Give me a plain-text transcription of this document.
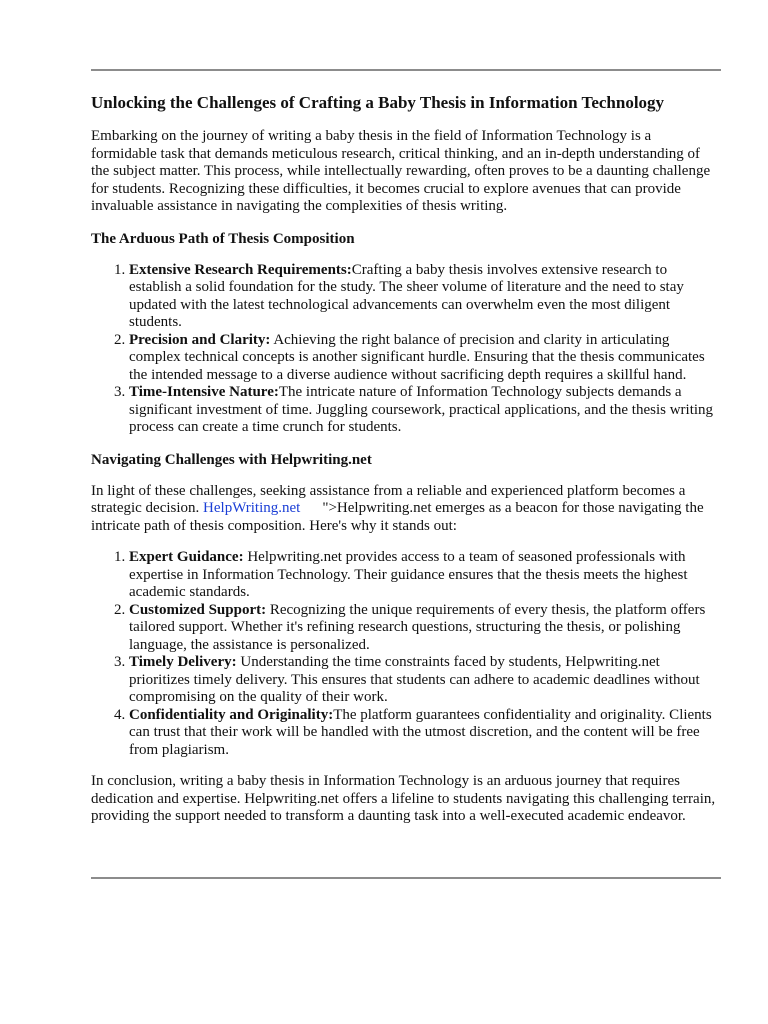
Unlocking the Challenges of Crafting a Baby Thesis in Information Technology

Embarking on the journey of writing a baby thesis in the field of Information Technology is a formidable task that demands meticulous research, critical thinking, and an in-depth understanding of the subject matter. This process, while intellectually rewarding, often proves to be a daunting challenge for students. Recognizing these difficulties, it becomes crucial to explore avenues that can provide invaluable assistance in navigating the complexities of thesis writing.

The Arduous Path of Thesis Composition
1. Extensive Research Requirements:Crafting a baby thesis involves extensive research to establish a solid foundation for the study. The sheer volume of literature and the need to stay updated with the latest technological advancements can overwhelm even the most diligent students.
2. Precision and Clarity: Achieving the right balance of precision and clarity in articulating complex technical concepts is another significant hurdle. Ensuring that the thesis communicates the intended message to a diverse audience without sacrificing depth requires a skillful hand.
3. Time-Intensive Nature:The intricate nature of Information Technology subjects demands a significant investment of time. Juggling coursework, practical applications, and the thesis writing process can create a time crunch for students.
Navigating Challenges with Helpwriting.net

In light of these challenges, seeking assistance from a reliable and experienced platform becomes a strategic decision. HelpWriting.net ">Helpwriting.net emerges as a beacon for those navigating the intricate path of thesis composition. Here's why it stands out:

1. Expert Guidance: Helpwriting.net provides access to a team of seasoned professionals with expertise in Information Technology. Their guidance ensures that the thesis meets the highest academic standards.
2. Customized Support: Recognizing the unique requirements of every thesis, the platform offers tailored support. Whether it's refining research questions, structuring the thesis, or polishing language, the assistance is personalized.
3. Timely Delivery: Understanding the time constraints faced by students, Helpwriting.net prioritizes timely delivery. This ensures that students can adhere to academic deadlines without compromising on the quality of their work.
4. Confidentiality and Originality:The platform guarantees confidentiality and originality. Clients can trust that their work will be handled with the utmost discretion, and the content will be free from plagiarism.

In conclusion, writing a baby thesis in Information Technology is an arduous journey that requires dedication and expertise. Helpwriting.net offers a lifeline to students navigating this challenging terrain, providing the support needed to transform a daunting task into a well-executed academic endeavor.
